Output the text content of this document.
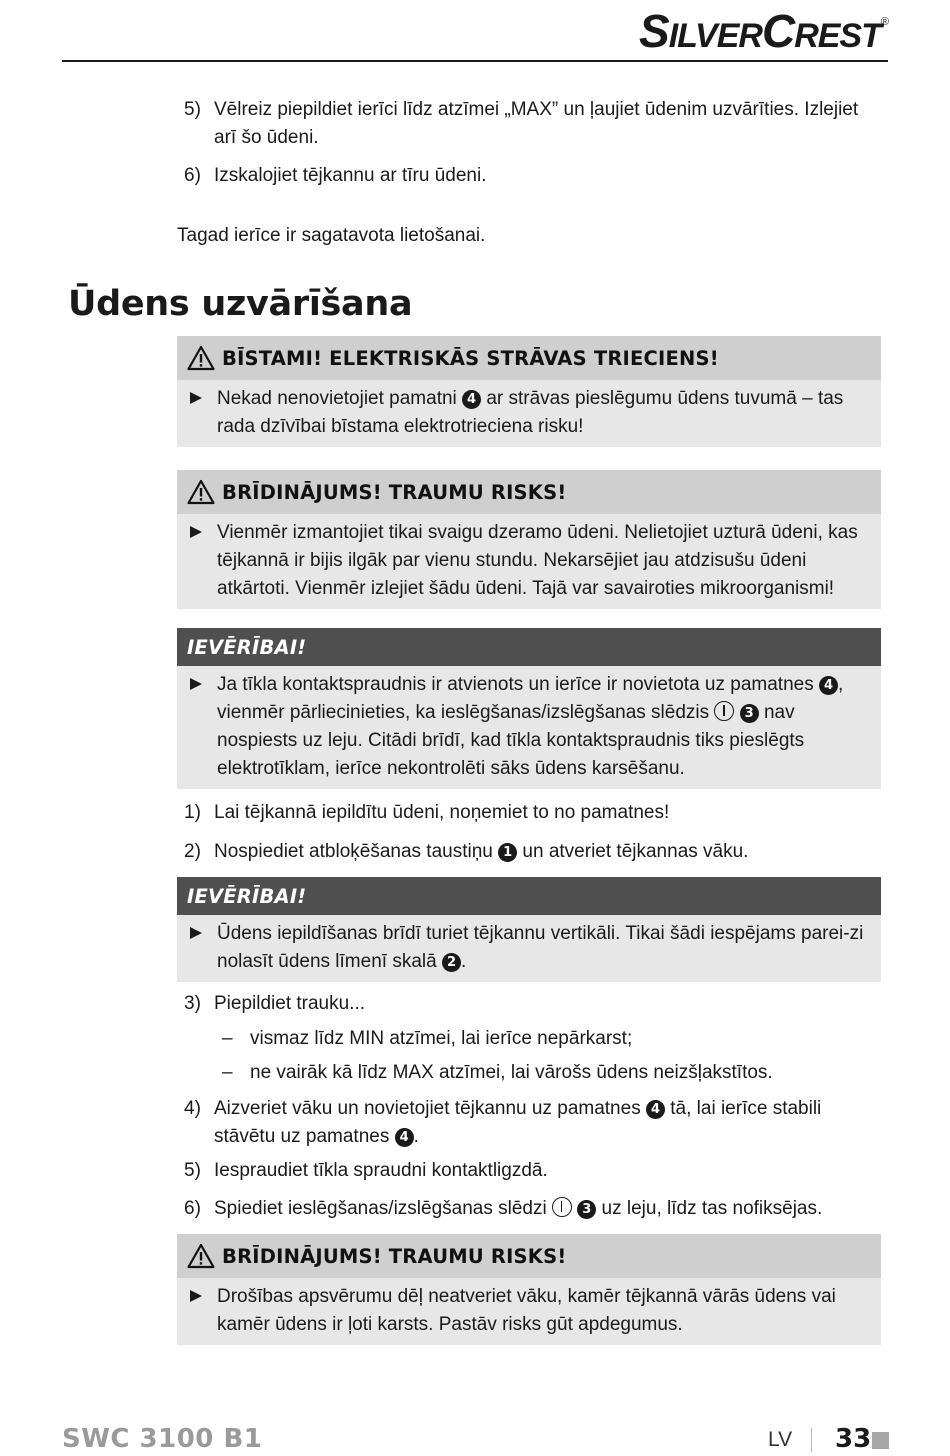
SILVERCREST®
5) Vēlreiz piepildiet ierīci līdz atzīmei „MAX” un ļaujiet ūdenim uzvārīties. Izlejiet arī šo ūdeni.
6) Izskalojiet tējkannu ar tīru ūdeni.
Tagad ierīce ir sagatavota lietošanai.
Ūdens uzvārīšana
BĪSTAMI! ELEKTRISKĀS STRĀVAS TRIECIENS!
Nekad nenovietojiet pamatni 4 ar strāvas pieslēgumu ūdens tuvumā – tas rada dzīvībai bīstama elektrotrieciena risku!
BRĪDINĀJUMS! TRAUMU RISKS!
Vienmēr izmantojiet tikai svaigu dzeramo ūdeni. Nelietojiet uzturā ūdeni, kas tējkannā ir bijis ilgāk par vienu stundu. Nekarsējiet jau atdzisušu ūdeni atkārtoti. Vienmēr izlejiet šādu ūdeni. Tajā var savairoties mikroorganismi!
IEVĒRĪBAI!
Ja tīkla kontaktspraudnis ir atvienots un ierīce ir novietota uz pamatnes 4 , vienmēr pārliecinieties, ka ieslēgšanas/izslēgšanas slēdzis	3 nav nospiests uz leju. Citādi brīdī, kad tīkla kontaktspraudnis tiks pieslēgts elektrotīklam, ierīce nekontrolēti sāks ūdens karsēšanu.
1) Lai tējkannā iepildītu ūdeni, noņemiet to no pamatnes!
2) Nospiediet atbloķēšanas taustiņu 1 un atveriet tējkannas vāku.
IEVĒRĪBAI!
Ūdens iepildīšanas brīdī turiet tējkannu vertikāli. Tikai šādi iespējams parei-zi nolasīt ūdens līmenī skalā 2 .
3) Piepildiet trauku...
– vismaz līdz MIN atzīmei, lai ierīce nepārkarst;
– ne vairāk kā līdz MAX atzīmei, lai vārošs ūdens neizšļakstītos.
4) Aizveriet vāku un novietojiet tējkannu uz pamatnes 4 tā, lai ierīce stabili stāvētu uz pamatnes 4 .
5) Iespraudiet tīkla spraudni kontaktligzdā.
6) Spiediet ieslēgšanas/izslēgšanas slēdzi	3 uz leju, līdz tas nofiksējas.
BRĪDINĀJUMS! TRAUMU RISKS!
Drošības apsvērumu dēļ neatveriet vāku, kamēr tējkannā vārās ūdens vai kamēr ūdens ir ļoti karsts. Pastāv risks gūt apdegumus.
SWC 3100 B1	LV 33
